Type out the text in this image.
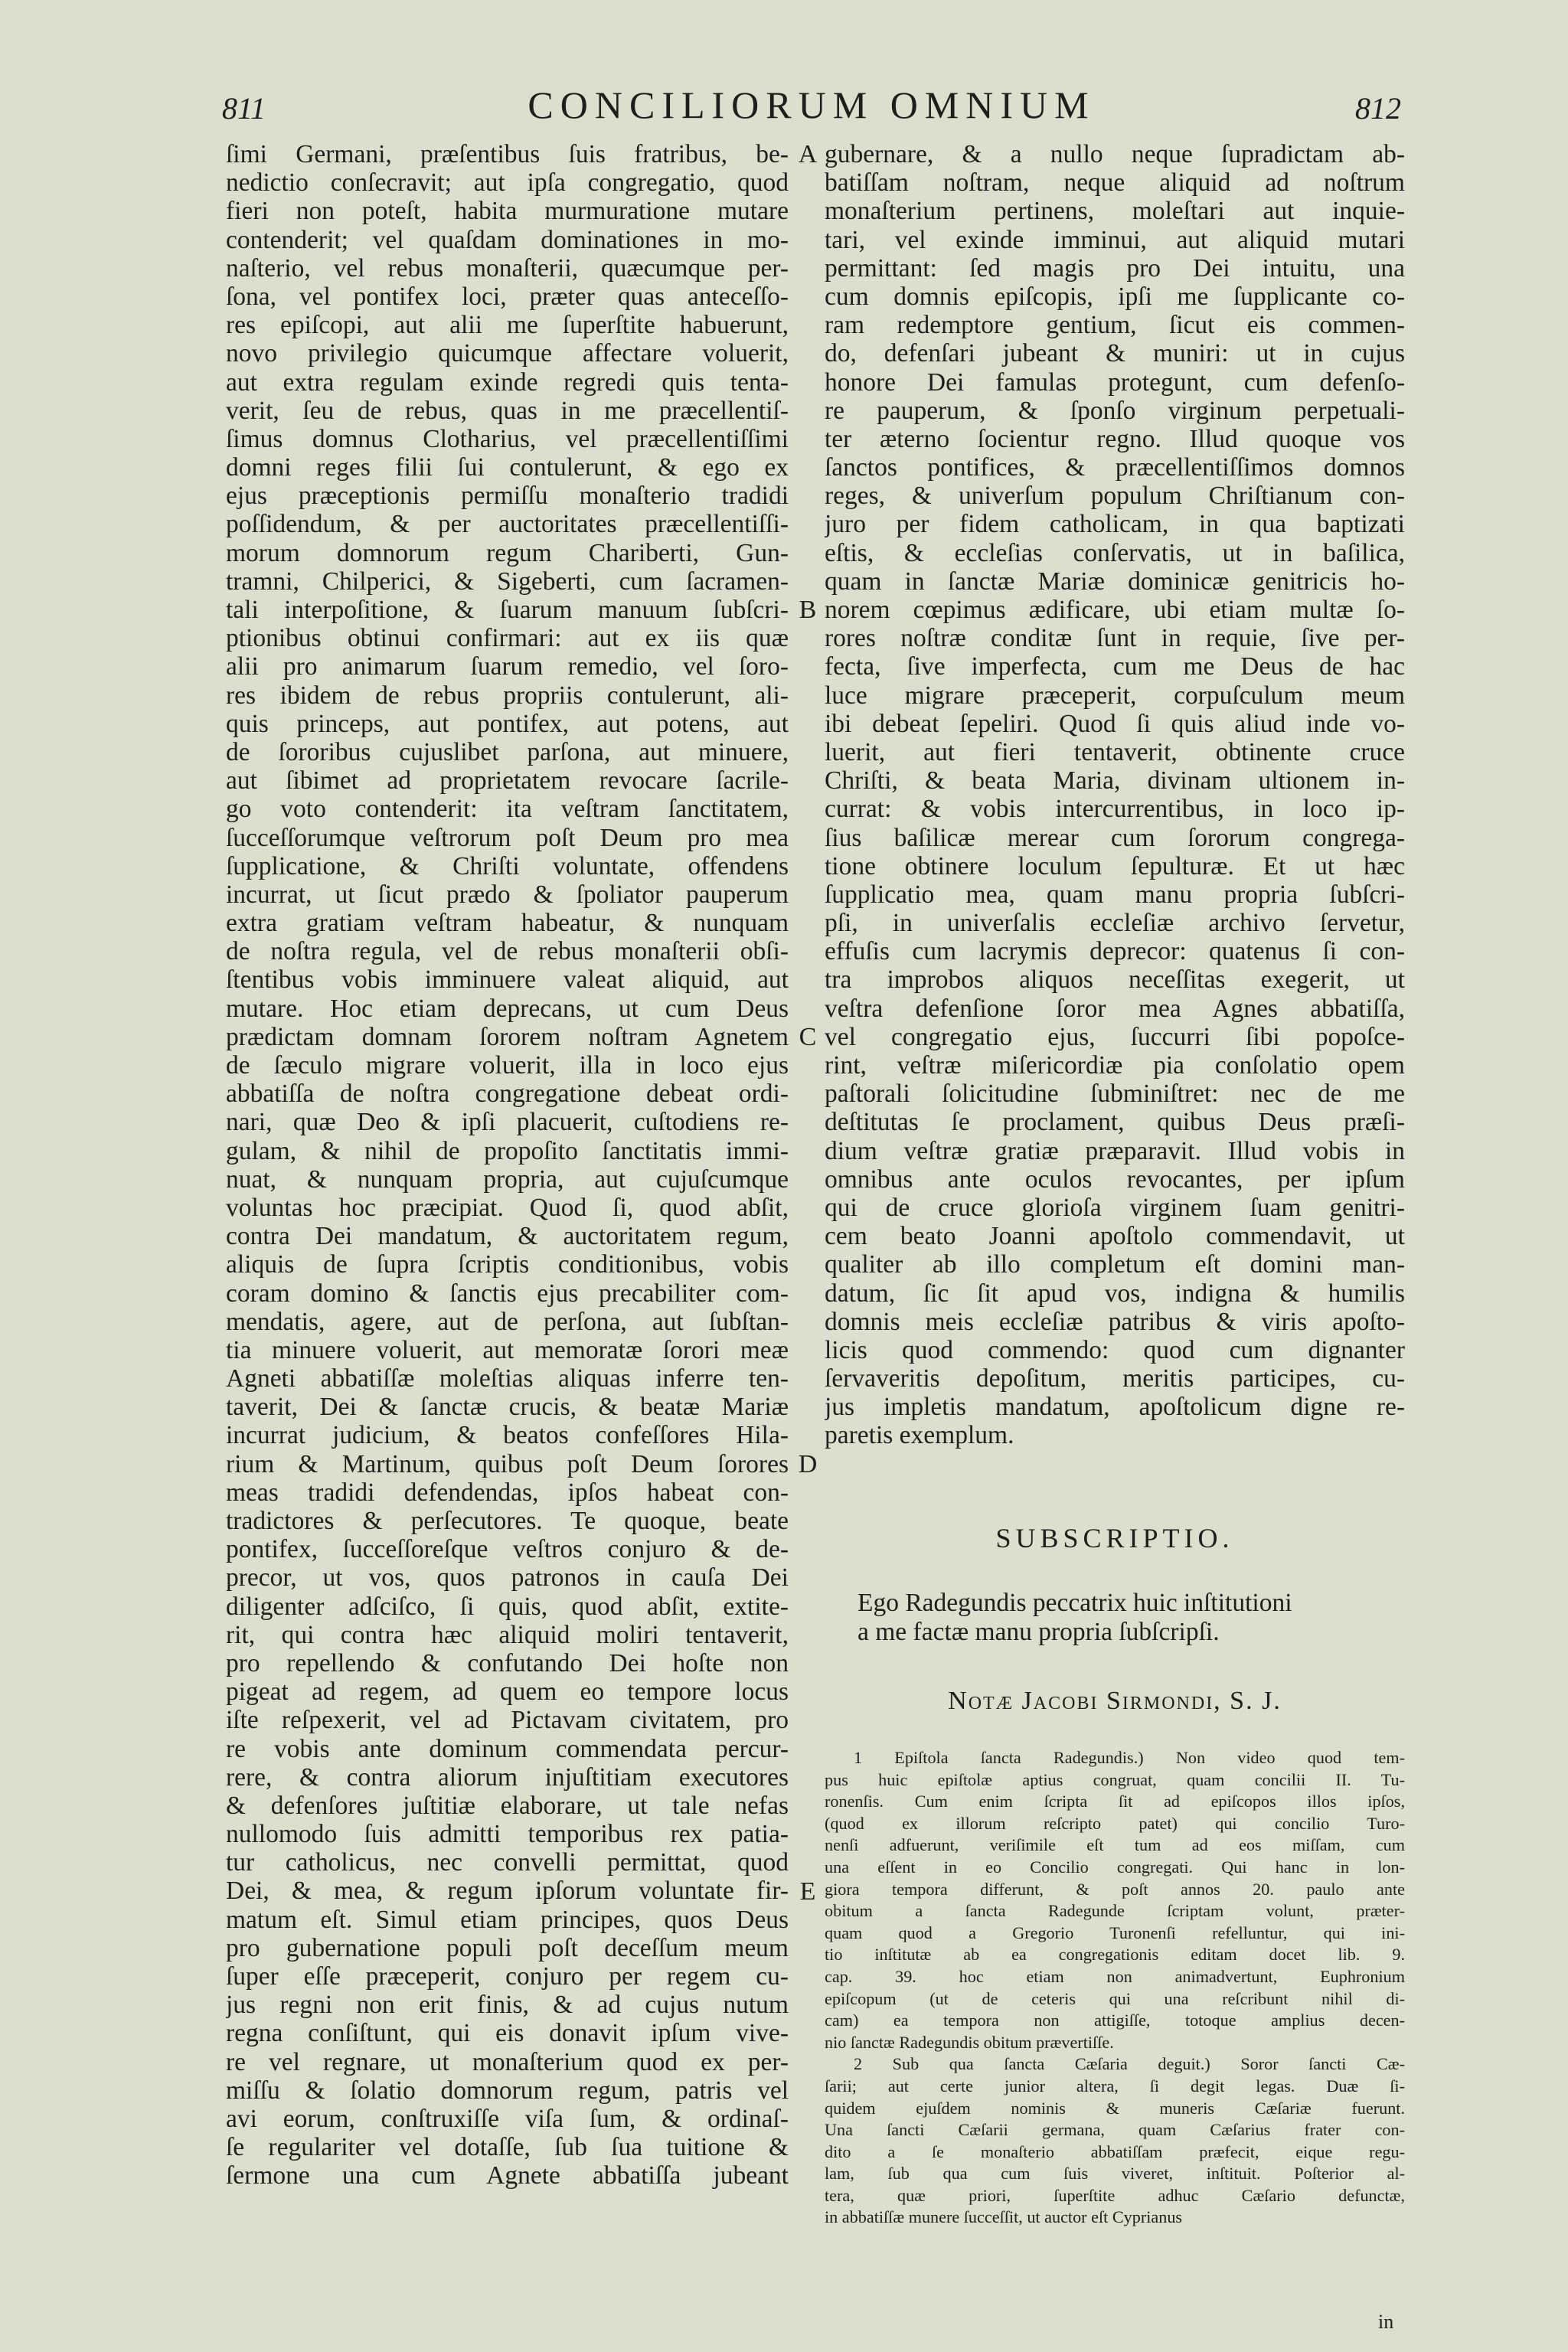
811	CONCILIORUM OMNIUM	812
ſimi Germani, præſentibus ſuis fratribus, be-
nedictio conſecravit; aut ipſa congregatio, quod
fieri non poteſt, habita murmuratione mutare
contenderit; vel quaſdam dominationes in mo-
naſterio, vel rebus monaſterii, quæcumque per-
ſona, vel pontifex loci, præter quas anteceſſo-
res epiſcopi, aut alii me ſuperſtite habuerunt,
novo privilegio quicumque affectare voluerit,
aut extra regulam exinde regredi quis tenta-
verit, ſeu de rebus, quas in me præcellentiſ-
ſimus domnus Clotharius, vel præcellentiſſimi
domni reges filii ſui contulerunt, & ego ex
ejus præceptionis permiſſu monaſterio tradidi
poſſidendum, & per auctoritates præcellentiſſi-
morum domnorum regum Chariberti, Gun-
tramni, Chilperici, & Sigeberti, cum ſacramen-
tali interpoſitione, & ſuarum manuum ſubſcri-
ptionibus obtinui confirmari: aut ex iis quæ
alii pro animarum ſuarum remedio, vel ſoro-
res ibidem de rebus propriis contulerunt, ali-
quis princeps, aut pontifex, aut potens, aut
de ſororibus cujuslibet parſona, aut minuere,
aut ſibimet ad proprietatem revocare ſacrile-
go voto contenderit: ita veſtram ſanctitatem,
ſucceſſorumque veſtrorum poſt Deum pro mea
ſupplicatione, & Chriſti voluntate, offendens
incurrat, ut ſicut prædo & ſpoliator pauperum
extra gratiam veſtram habeatur, & nunquam
de noſtra regula, vel de rebus monaſterii obſi-
ſtentibus vobis imminuere valeat aliquid, aut
mutare. Hoc etiam deprecans, ut cum Deus
prædictam domnam ſororem noſtram Agnetem
de ſæculo migrare voluerit, illa in loco ejus
abbatiſſa de noſtra congregatione debeat ordi-
nari, quæ Deo & ipſi placuerit, cuſtodiens re-
gulam, & nihil de propoſito ſanctitatis immi-
nuat, & nunquam propria, aut cujuſcumque
voluntas hoc præcipiat. Quod ſi, quod abſit,
contra Dei mandatum, & auctoritatem regum,
aliquis de ſupra ſcriptis conditionibus, vobis
coram domino & ſanctis ejus precabiliter com-
mendatis, agere, aut de perſona, aut ſubſtan-
tia minuere voluerit, aut memoratæ ſorori meæ
Agneti abbatiſſæ moleſtias aliquas inferre ten-
taverit, Dei & ſanctæ crucis, & beatæ Mariæ
incurrat judicium, & beatos confeſſores Hila-
rium & Martinum, quibus poſt Deum ſorores
meas tradidi defendendas, ipſos habeat con-
tradictores & perſecutores. Te quoque, beate
pontifex, ſucceſſoreſque veſtros conjuro & de-
precor, ut vos, quos patronos in cauſa Dei
diligenter adſciſco, ſi quis, quod abſit, extite-
rit, qui contra hæc aliquid moliri tentaverit,
pro repellendo & confutando Dei hoſte non
pigeat ad regem, ad quem eo tempore locus
iſte reſpexerit, vel ad Pictavam civitatem, pro
re vobis ante dominum commendata percur-
rere, & contra aliorum injuſtitiam executores
& defenſores juſtitiæ elaborare, ut tale nefas
nullomodo ſuis admitti temporibus rex patia-
tur catholicus, nec convelli permittat, quod
Dei, & mea, & regum ipſorum voluntate fir-
matum eſt. Simul etiam principes, quos Deus
pro gubernatione populi poſt deceſſum meum
ſuper eſſe præceperit, conjuro per regem cu-
jus regni non erit finis, & ad cujus nutum
regna conſiſtunt, qui eis donavit ipſum vive-
re vel regnare, ut monaſterium quod ex per-
miſſu & ſolatio domnorum regum, patris vel
avi eorum, conſtruxiſſe viſa ſum, & ordinaſ-
ſe regulariter vel dotaſſe, ſub ſua tuitione &
ſermone una cum Agnete abbatiſſa jubeant
A
B
C
D
E
gubernare, & a nullo neque ſupradictam ab-
batiſſam noſtram, neque aliquid ad noſtrum
monaſterium pertinens, moleſtari aut inquie-
tari, vel exinde imminui, aut aliquid mutari
permittant: ſed magis pro Dei intuitu, una
cum domnis epiſcopis, ipſi me ſupplicante co-
ram redemptore gentium, ſicut eis commen-
do, defenſari jubeant & muniri: ut in cujus
honore Dei famulas protegunt, cum defenſo-
re pauperum, & ſponſo virginum perpetuali-
ter æterno ſocientur regno. Illud quoque vos
ſanctos pontifices, & præcellentiſſimos domnos
reges, & univerſum populum Chriſtianum con-
juro per fidem catholicam, in qua baptizati
eſtis, & eccleſias conſervatis, ut in baſilica,
quam in ſanctæ Mariæ dominicæ genitricis ho-
norem cœpimus ædificare, ubi etiam multæ ſo-
rores noſtræ conditæ ſunt in requie, ſive per-
fecta, ſive imperfecta, cum me Deus de hac
luce migrare præceperit, corpuſculum meum
ibi debeat ſepeliri. Quod ſi quis aliud inde vo-
luerit, aut fieri tentaverit, obtinente cruce
Chriſti, & beata Maria, divinam ultionem in-
currat: & vobis intercurrentibus, in loco ip-
ſius baſilicæ merear cum ſororum congrega-
tione obtinere loculum ſepulturæ. Et ut hæc
ſupplicatio mea, quam manu propria ſubſcri-
pſi, in univerſalis eccleſiæ archivo ſervetur,
effuſis cum lacrymis deprecor: quatenus ſi con-
tra improbos aliquos neceſſitas exegerit, ut
veſtra defenſione ſoror mea Agnes abbatiſſa,
vel congregatio ejus, ſuccurri ſibi popoſce-
rint, veſtræ miſericordiæ pia conſolatio opem
paſtorali ſolicitudine ſubminiſtret: nec de me
deſtitutas ſe proclament, quibus Deus præſi-
dium veſtræ gratiæ præparavit. Illud vobis in
omnibus ante oculos revocantes, per ipſum
qui de cruce glorioſa virginem ſuam genitri-
cem beato Joanni apoſtolo commendavit, ut
qualiter ab illo completum eſt domini man-
datum, ſic ſit apud vos, indigna & humilis
domnis meis eccleſiæ patribus & viris apoſto-
licis quod commendo: quod cum dignanter
ſervaveritis depoſitum, meritis participes, cu-
jus impletis mandatum, apoſtolicum digne re-
paretis exemplum.
SUBSCRIPTIO.
Ego Radegundis peccatrix huic inſtitutioni
a me factæ manu propria ſubſcripſi.
Notæ Jacobi Sirmondi, S. J.
1 Epiſtola ſancta Radegundis.) Non video quod tem-
pus huic epiſtolæ aptius congruat, quam concilii II. Tu-
ronenſis. Cum enim ſcripta ſit ad epiſcopos illos ipſos,
(quod ex illorum reſcripto patet) qui concilio Turo-
nenſi adfuerunt, veriſimile eſt tum ad eos miſſam, cum
una eſſent in eo Concilio congregati. Qui hanc in lon-
giora tempora differunt, & poſt annos 20. paulo ante
obitum a ſancta Radegunde ſcriptam volunt, præter-
quam quod a Gregorio Turonenſi refelluntur, qui ini-
tio inſtitutæ ab ea congregationis editam docet lib. 9.
cap. 39. hoc etiam non animadvertunt, Euphronium
epiſcopum (ut de ceteris qui una reſcribunt nihil di-
cam) ea tempora non attigiſſe, totoque amplius decen-
nio ſanctæ Radegundis obitum prævertiſſe.
2 Sub qua ſancta Cæſaria deguit.) Soror ſancti Cæ-
ſarii; aut certe junior altera, ſi degit legas. Duæ ſi-
quidem ejuſdem nominis & muneris Cæſariæ fuerunt.
Una ſancti Cæſarii germana, quam Cæſarius frater con-
dito a ſe monaſterio abbatiſſam præfecit, eique regu-
lam, ſub qua cum ſuis viveret, inſtituit. Poſterior al-
tera, quæ priori, ſuperſtite adhuc Cæſario defunctæ,
in abbatiſſæ munere ſucceſſit, ut auctor eſt Cyprianus
in
